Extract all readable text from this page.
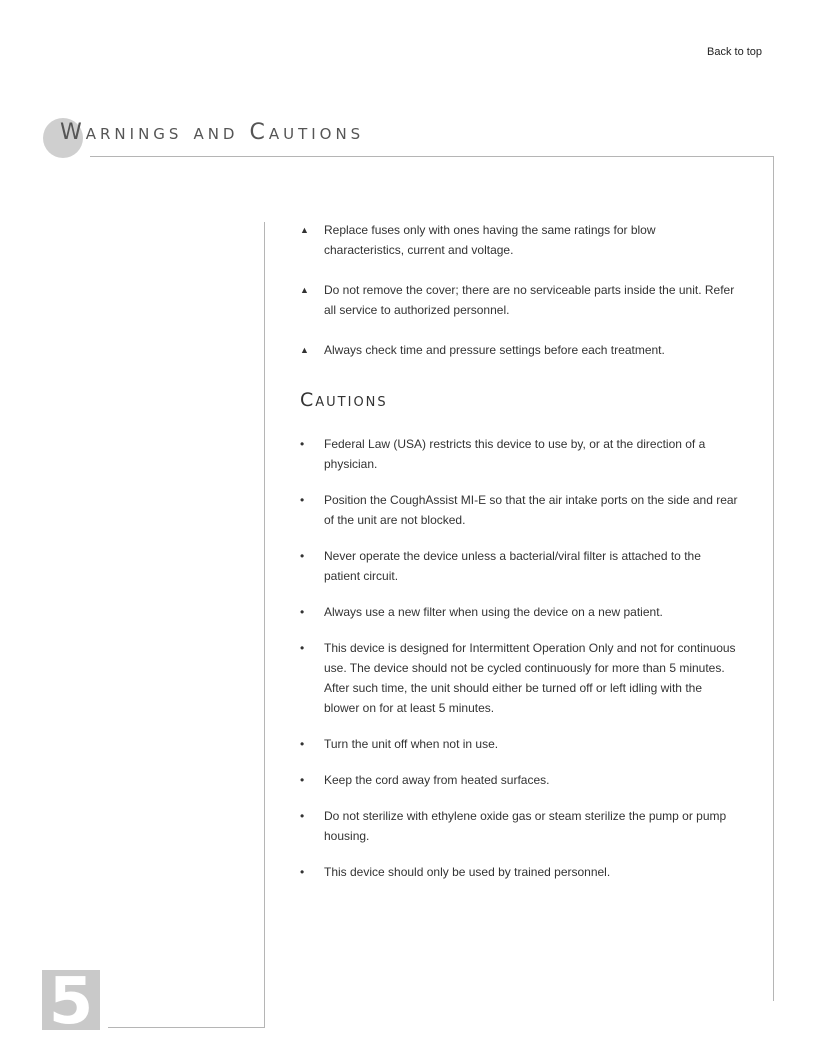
Back to top
Warnings and Cautions
▲ Replace fuses only with ones having the same ratings for blow characteristics, current and voltage.
▲ Do not remove the cover; there are no serviceable parts inside the unit. Refer all service to authorized personnel.
▲ Always check time and pressure settings before each treatment.
Cautions
• Federal Law (USA) restricts this device to use by, or at the direction of a physician.
• Position the CoughAssist MI-E so that the air intake ports on the side and rear of the unit are not blocked.
• Never operate the device unless a bacterial/viral filter is attached to the patient circuit.
• Always use a new filter when using the device on a new patient.
• This device is designed for Intermittent Operation Only and not for continuous use. The device should not be cycled continuously for more than 5 minutes. After such time, the unit should either be turned off or left idling with the blower on for at least 5 minutes.
• Turn the unit off when not in use.
• Keep the cord away from heated surfaces.
• Do not sterilize with ethylene oxide gas or steam sterilize the pump or pump housing.
• This device should only be used by trained personnel.
5
